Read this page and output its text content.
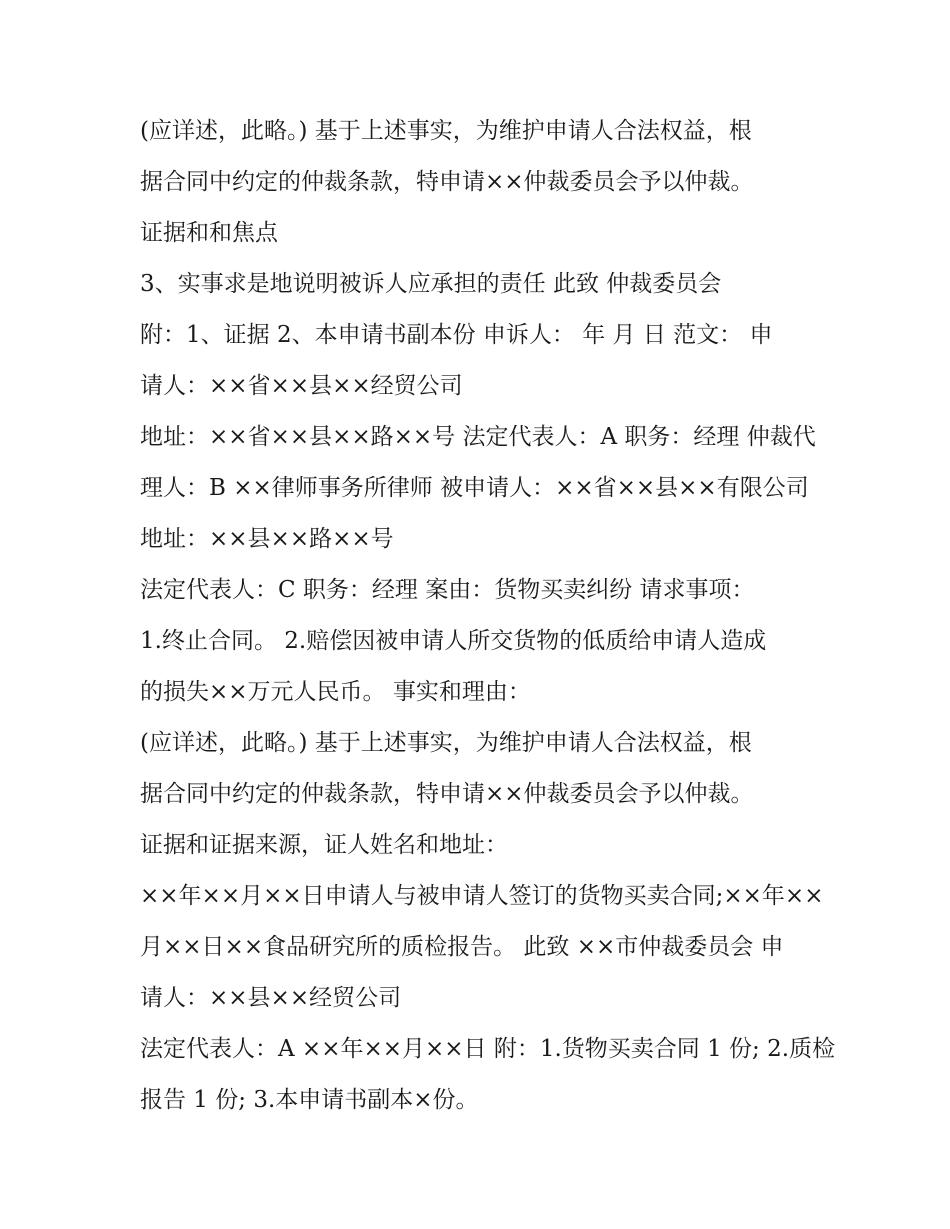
(应详述，此略。) 基于上述事实，为维护申请人合法权益，根
据合同中约定的仲裁条款，特申请××仲裁委员会予以仲裁。
证据和和焦点
3、实事求是地说明被诉人应承担的责任 此致 仲裁委员会
附：1、证据 2、本申请书副本份 申诉人： 年 月 日 范文： 申
请人：××省××县××经贸公司
地址：××省××县××路××号 法定代表人：A 职务：经理 仲裁代
理人：B ××律师事务所律师 被申请人：××省××县××有限公司
地址：××县××路××号
法定代表人：C 职务：经理 案由：货物买卖纠纷 请求事项：
1.终止合同。 2.赔偿因被申请人所交货物的低质给申请人造成
的损失××万元人民币。 事实和理由：
(应详述，此略。) 基于上述事实，为维护申请人合法权益，根
据合同中约定的仲裁条款，特申请××仲裁委员会予以仲裁。
证据和证据来源，证人姓名和地址：
××年××月××日申请人与被申请人签订的货物买卖合同;××年××
月××日××食品研究所的质检报告。 此致 ××市仲裁委员会 申
请人：××县××经贸公司
法定代表人：A ××年××月××日 附：1.货物买卖合同 1 份; 2.质检
报告 1 份; 3.本申请书副本×份。
